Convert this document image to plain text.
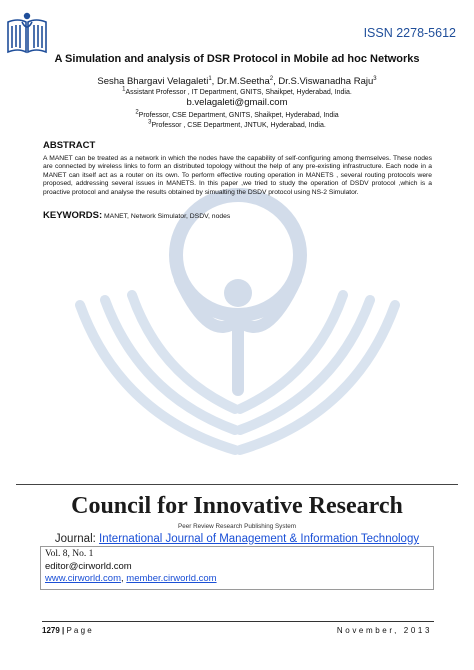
ISSN 2278-5612
A Simulation and analysis of DSR Protocol in Mobile ad hoc Networks
Sesha Bhargavi Velagaleti$^1$, Dr.M.Seetha$^2$, Dr.S.Viswanadha Raju$^3$
$^1$Assistant Professor , IT Department, GNITS, Shaikpet, Hyderabad, India.
b.velagaleti@gmail.com
$^2$Professor, CSE Department, GNITS, Shaikpet, Hyderabad, India
$^3$Professor , CSE Department, JNTUK, Hyderabad, India.
ABSTRACT
A MANET can be treated as a network in which the nodes have the capability of self-configuring among themselves. These nodes are connected by wireless links to form an distributed topology without the help of any pre-existing infrastructure. Each node in a MANET can itself act as a router on its own. To perform effective routing operation in MANETS , several routing protocols were proposed, addressing several issues in MANETS. In this paper ,we tried to study the operation of DSDV protocol ,which is a proactive protocol and analyse the results obtained by simualting the DSDV protocol using NS-2 Simulator.
KEYWORDS: MANET, Network Simulator, DSDV, nodes
Council for Innovative Research
Peer Review Research Publishing System
Journal: International Journal of Management & Information Technology
Vol. 8, No. 1
editor@cirworld.com
www.cirworld.com, member.cirworld.com
1279 | P a g e	November, 2013
